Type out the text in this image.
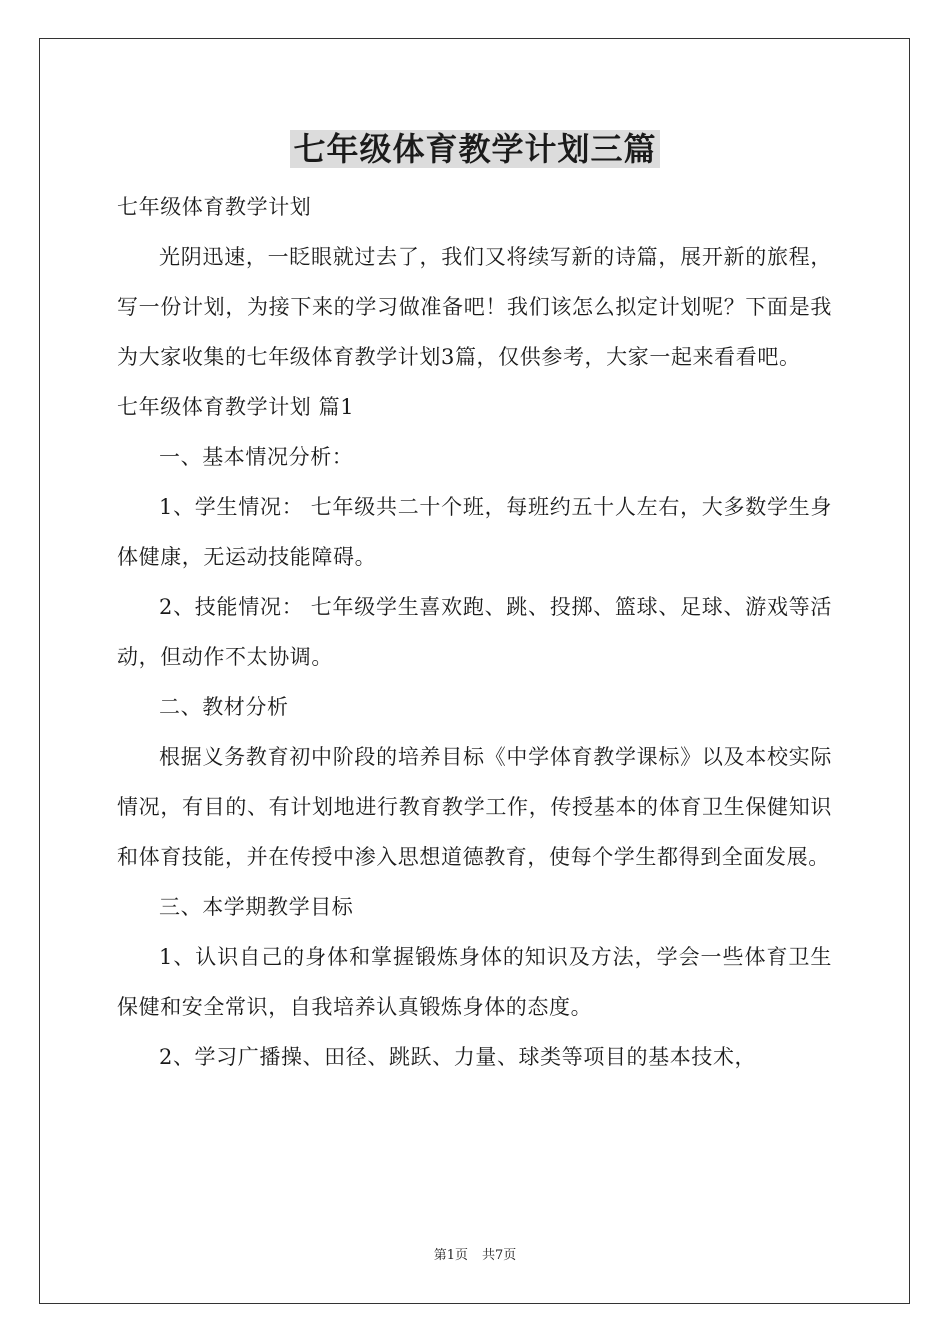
七年级体育教学计划三篇

七年级体育教学计划

光阴迅速，一眨眼就过去了，我们又将续写新的诗篇，展开新的旅程，写一份计划，为接下来的学习做准备吧！我们该怎么拟定计划呢？下面是我为大家收集的七年级体育教学计划3篇，仅供参考，大家一起来看看吧。

七年级体育教学计划 篇1

一、基本情况分析：

1、学生情况： 七年级共二十个班，每班约五十人左右，大多数学生身体健康，无运动技能障碍。

2、技能情况： 七年级学生喜欢跑、跳、投掷、篮球、足球、游戏等活动，但动作不太协调。

二、教材分析

根据义务教育初中阶段的培养目标《中学体育教学课标》以及本校实际情况，有目的、有计划地进行教育教学工作，传授基本的体育卫生保健知识和体育技能，并在传授中渗入思想道德教育，使每个学生都得到全面发展。

三、本学期教学目标

1、认识自己的身体和掌握锻炼身体的知识及方法，学会一些体育卫生保健和安全常识，自我培养认真锻炼身体的态度。

2、学习广播操、田径、跳跃、力量、球类等项目的基本技术，

第1页 共7页
